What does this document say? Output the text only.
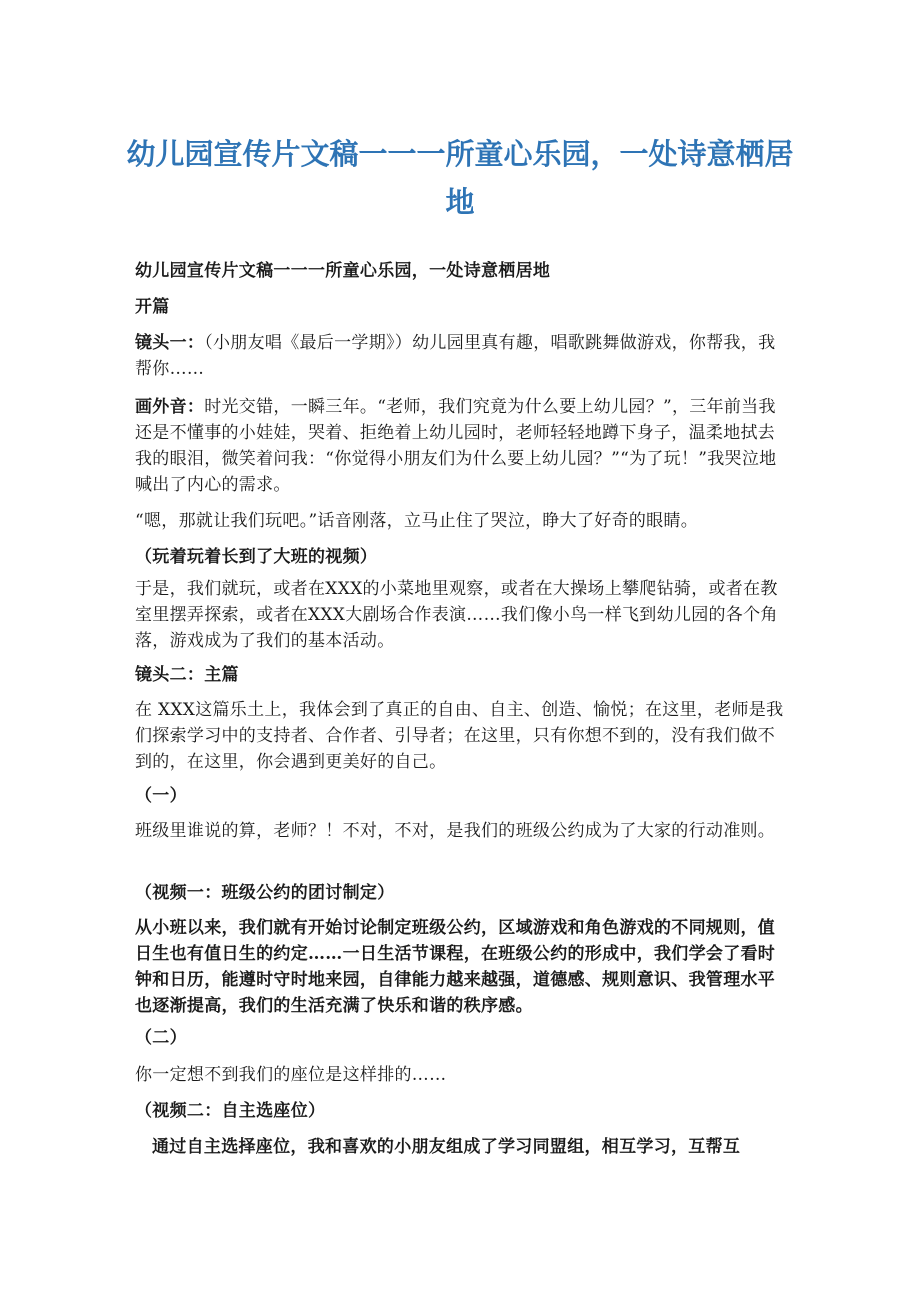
幼儿园宣传片文稿一一一所童心乐园，一处诗意栖居地
幼儿园宣传片文稿一一一所童心乐园，一处诗意栖居地
开篇
镜头一：（小朋友唱《最后一学期》）幼儿园里真有趣，唱歌跳舞做游戏，你帮我，我帮你……
画外音：时光交错，一瞬三年。“老师，我们究竟为什么要上幼儿园？”，三年前当我还是不懂事的小娃娃，哭着、拒绝着上幼儿园时，老师轻轻地蹲下身子，温柔地拭去我的眼泪，微笑着问我：“你觉得小朋友们为什么要上幼儿园？”“为了玩！”我哭泣地喊出了内心的需求。
“嗯，那就让我们玩吧。”话音刚落，立马止住了哭泣，睁大了好奇的眼睛。
（玩着玩着长到了大班的视频）
于是，我们就玩，或者在XXX的小菜地里观察，或者在大操场上攀爬钻骑，或者在教室里摆弄探索，或者在XXX大剧场合作表演……我们像小鸟一样飞到幼儿园的各个角落，游戏成为了我们的基本活动。
镜头二：主篇
在 XXX这篇乐土上，我体会到了真正的自由、自主、创造、愉悦；在这里，老师是我们探索学习中的支持者、合作者、引导者；在这里，只有你想不到的，没有我们做不到的，在这里，你会遇到更美好的自己。
（一）
班级里谁说的算，老师？！不对，不对，是我们的班级公约成为了大家的行动准则。
（视频一：班级公约的团讨制定）
从小班以来，我们就有开始讨论制定班级公约，区域游戏和角色游戏的不同规则，值日生也有值日生的约定……一日生活节课程，在班级公约的形成中，我们学会了看时钟和日历，能遵时守时地来园，自律能力越来越强，道德感、规则意识、我管理水平也逐渐提高，我们的生活充满了快乐和谐的秩序感。
（二）
你一定想不到我们的座位是这样排的……
（视频二：自主选座位）
通过自主选择座位，我和喜欢的小朋友组成了学习同盟组，相互学习，互帮互
